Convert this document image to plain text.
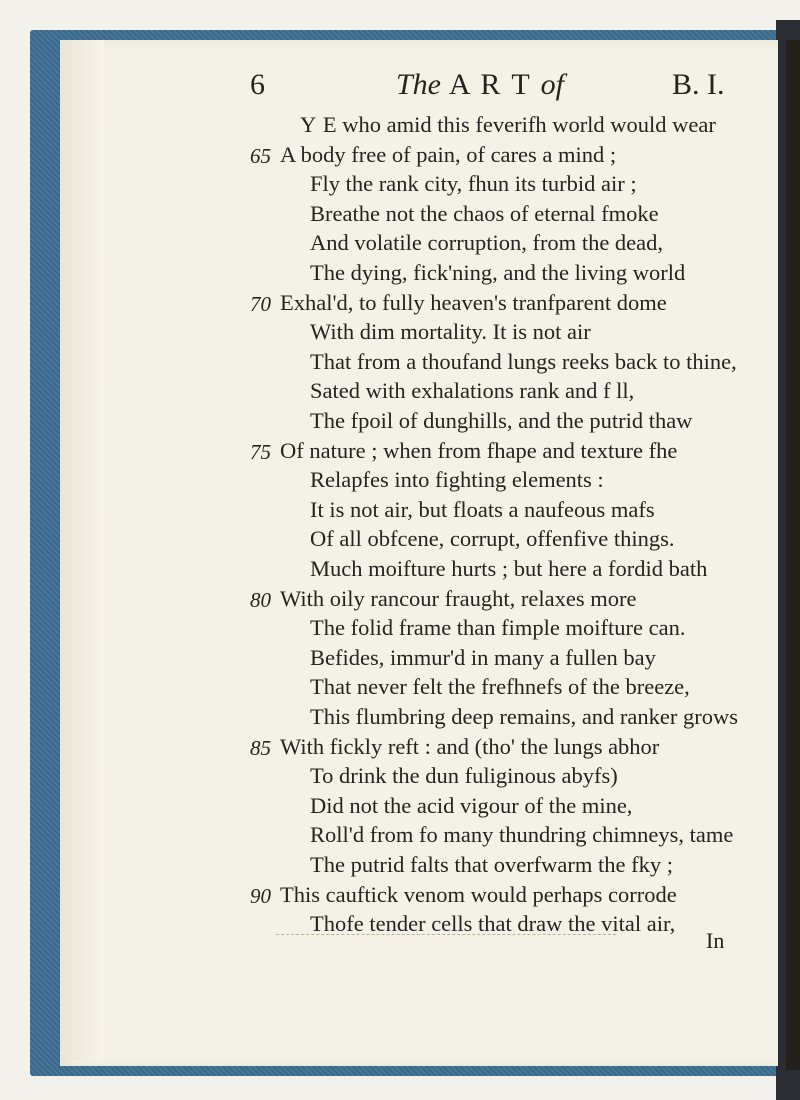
6	The A R T of	B. I.
Y E who amid this feverifh world would wear
A body free of pain, of cares a mind ;
65
Fly the rank city, fhun its turbid air ;
Breathe not the chaos of eternal fmoke
And volatile corruption, from the dead,
The dying, fick'ning, and the living world
Exhal'd, to fully heaven's tranfparent dome
70
With dim mortality. It is not air
That from a thoufand lungs reeks back to thine,
Sated with exhalations rank and f ll,
The fpoil of dunghills, and the putrid thaw
Of nature ; when from fhape and texture fhe
75
Relapfes into fighting elements :
It is not air, but floats a naufeous mafs
Of all obfcene, corrupt, offenfive things.
Much moifture hurts ; but here a fordid bath
With oily rancour fraught, relaxes more
80
The folid frame than fimple moifture can.
Befides, immur'd in many a fullen bay
That never felt the frefhnefs of the breeze,
This flumbring deep remains, and ranker grows
With fickly reft : and (tho' the lungs abhor
85
To drink the dun fuliginous abyfs)
Did not the acid vigour of the mine,
Roll'd from fo many thundring chimneys, tame
The putrid falts that overfwarm the fky ;
This cauftick venom would perhaps corrode
90
Thofe tender cells that draw the vital air,
In
